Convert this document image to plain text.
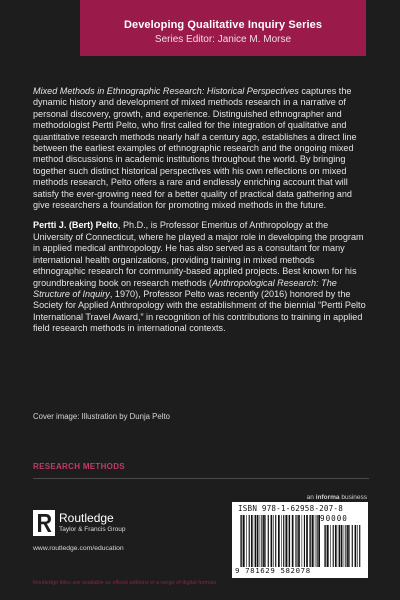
Developing Qualitative Inquiry Series
Series Editor: Janice M. Morse

Mixed Methods in Ethnographic Research: Historical Perspectives captures the dynamic history and development of mixed methods research in a narrative of personal discovery, growth, and experience. Distinguished ethnographer and methodologist Pertti Pelto, who first called for the integration of qualitative and quantitative research methods nearly half a century ago, establishes a direct line between the earliest examples of ethnographic research and the ongoing mixed method discussions in academic institutions throughout the world. By bringing together such distinct historical perspectives with his own reflections on mixed methods research, Pelto offers a rare and endlessly enriching account that will satisfy the ever-growing need for a better quality of practical data gathering and give researchers a foundation for promoting mixed methods in the future.

Pertti J. (Bert) Pelto, Ph.D., is Professor Emeritus of Anthropology at the University of Connecticut, where he played a major role in developing the program in applied medical anthropology. He has also served as a consultant for many international health organizations, providing training in mixed methods ethnographic research for community-based applied projects. Best known for his groundbreaking book on research methods (Anthropological Research: The Structure of Inquiry, 1970), Professor Pelto was recently (2016) honored by the Society for Applied Anthropology with the establishment of the biennial “Pertti Pelto International Travel Award,” in recognition of his contributions to training in applied field research methods in international contexts.

Cover image: Illustration by Dunja Pelto
RESEARCH METHODS
an informa business
Routledge
Taylor & Francis Group
www.routledge.com/education
Routledge titles are available as eBook editions in a range of digital formats
ISBN 978-1-62958-207-8
90000
9 781629 582078
